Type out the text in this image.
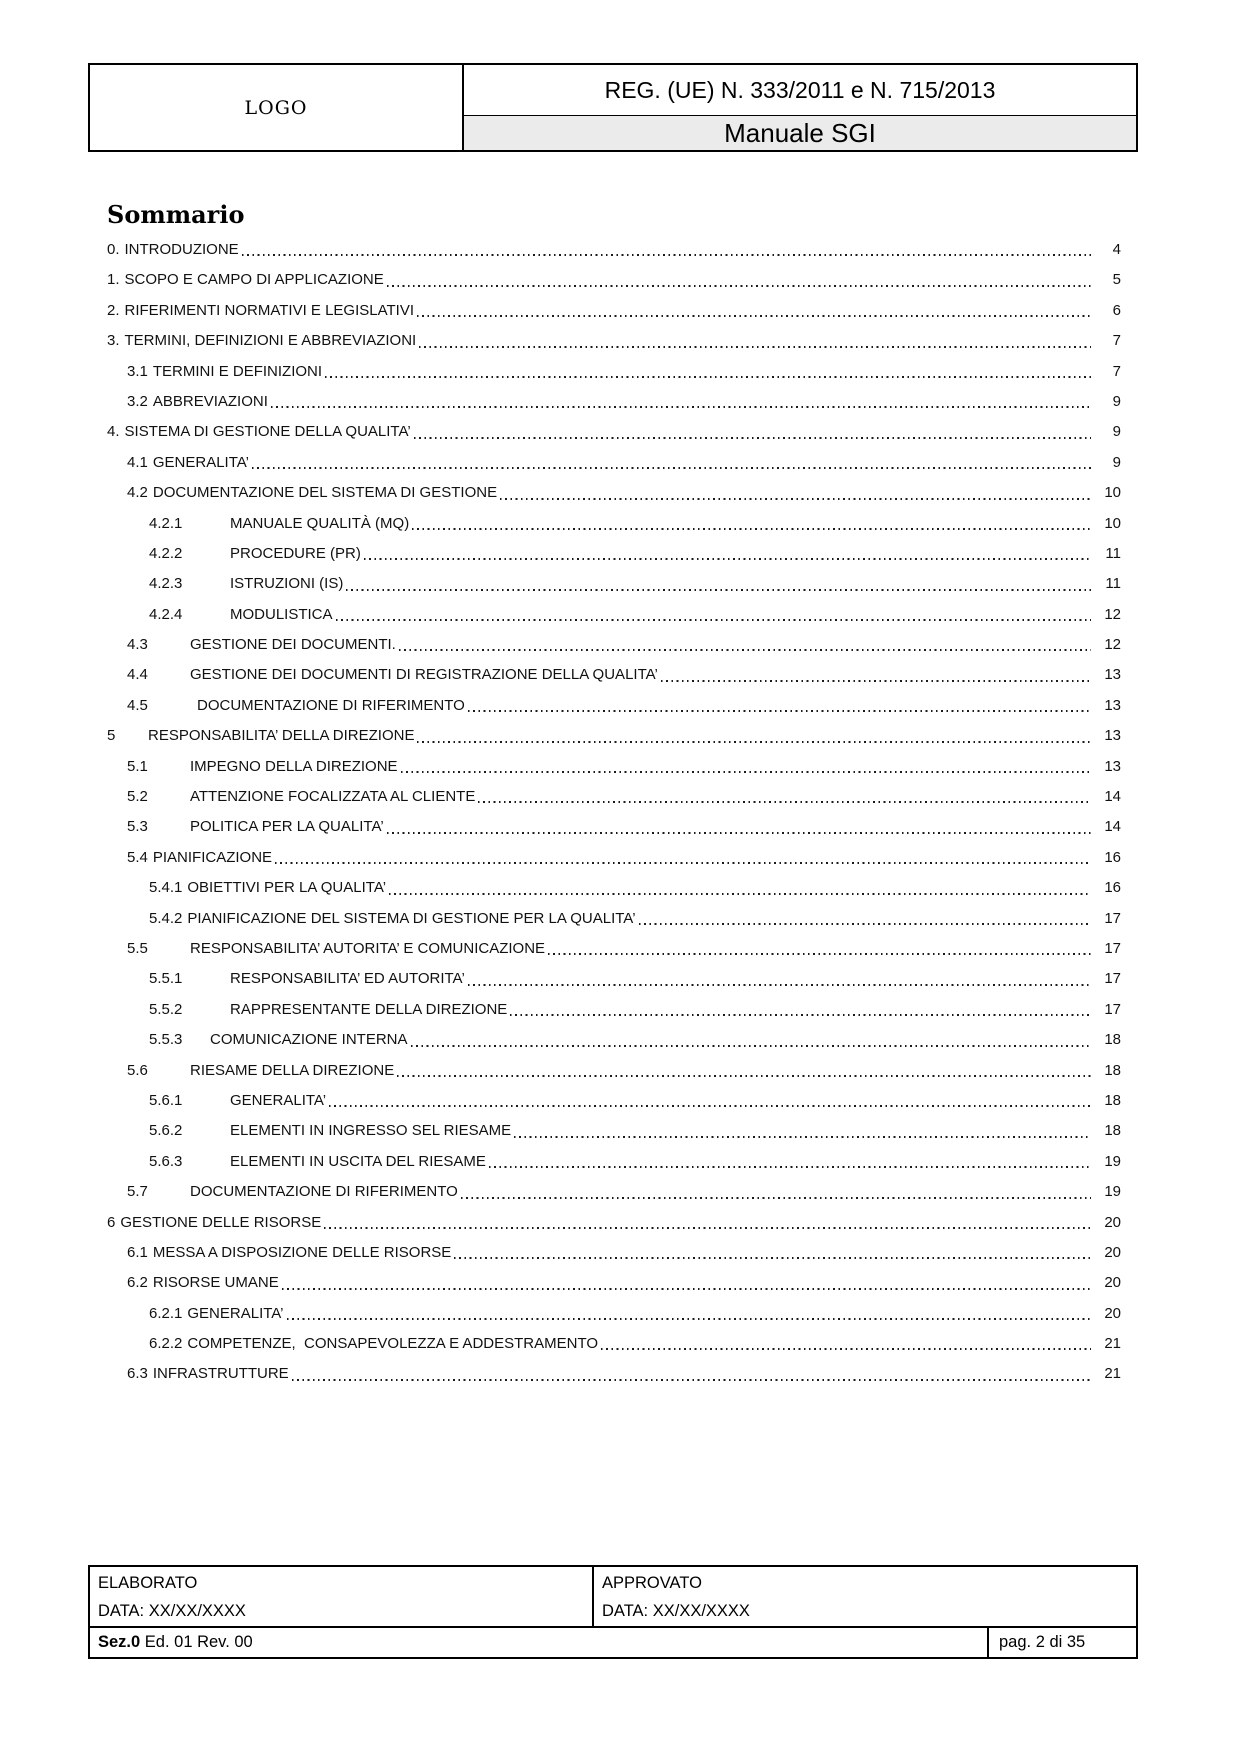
LOGO
REG. (UE) N. 333/2011 e N. 715/2013
Manuale SGI
Sommario
0. INTRODUZIONE	4
1. SCOPO E CAMPO DI APPLICAZIONE	5
2. RIFERIMENTI NORMATIVI E LEGISLATIVI	6
3. TERMINI, DEFINIZIONI E ABBREVIAZIONI	7
3.1 TERMINI E DEFINIZIONI	7
3.2 ABBREVIAZIONI	9
4. SISTEMA DI GESTIONE DELLA QUALITA’	9
4.1 GENERALITA’	9
4.2 DOCUMENTAZIONE DEL SISTEMA DI GESTIONE	10
4.2.1	MANUALE QUALITÀ (MQ)	10
4.2.2	PROCEDURE (PR)	11
4.2.3	ISTRUZIONI (IS)	11
4.2.4	MODULISTICA	12
4.3	GESTIONE DEI DOCUMENTI.	12
4.4	GESTIONE DEI DOCUMENTI DI REGISTRAZIONE DELLA QUALITA’	13
4.5	DOCUMENTAZIONE DI RIFERIMENTO	13
5	RESPONSABILITA’ DELLA DIREZIONE	13
5.1	IMPEGNO DELLA DIREZIONE	13
5.2	ATTENZIONE FOCALIZZATA AL CLIENTE	14
5.3	POLITICA PER LA QUALITA’	14
5.4 PIANIFICAZIONE	16
5.4.1 OBIETTIVI PER LA QUALITA’	16
5.4.2 PIANIFICAZIONE DEL SISTEMA DI GESTIONE PER LA QUALITA’	17
5.5	RESPONSABILITA’ AUTORITA’ E COMUNICAZIONE	17
5.5.1	RESPONSABILITA’ ED AUTORITA’	17
5.5.2	RAPPRESENTANTE DELLA DIREZIONE	17
5.5.3	COMUNICAZIONE INTERNA	18
5.6	RIESAME DELLA DIREZIONE	18
5.6.1	GENERALITA’	18
5.6.2	ELEMENTI IN INGRESSO SEL RIESAME	18
5.6.3	ELEMENTI IN USCITA DEL RIESAME	19
5.7	DOCUMENTAZIONE DI RIFERIMENTO	19
6 GESTIONE DELLE RISORSE	20
6.1 MESSA A DISPOSIZIONE DELLE RISORSE	20
6.2 RISORSE UMANE	20
6.2.1 GENERALITA’	20
6.2.2 COMPETENZE,  CONSAPEVOLEZZA E ADDESTRAMENTO	21
6.3 INFRASTRUTTURE	21
ELABORATO
DATA: XX/XX/XXXX
APPROVATO
DATA: XX/XX/XXXX
Sez.0 Ed. 01 Rev. 00	pag. 2 di 35
